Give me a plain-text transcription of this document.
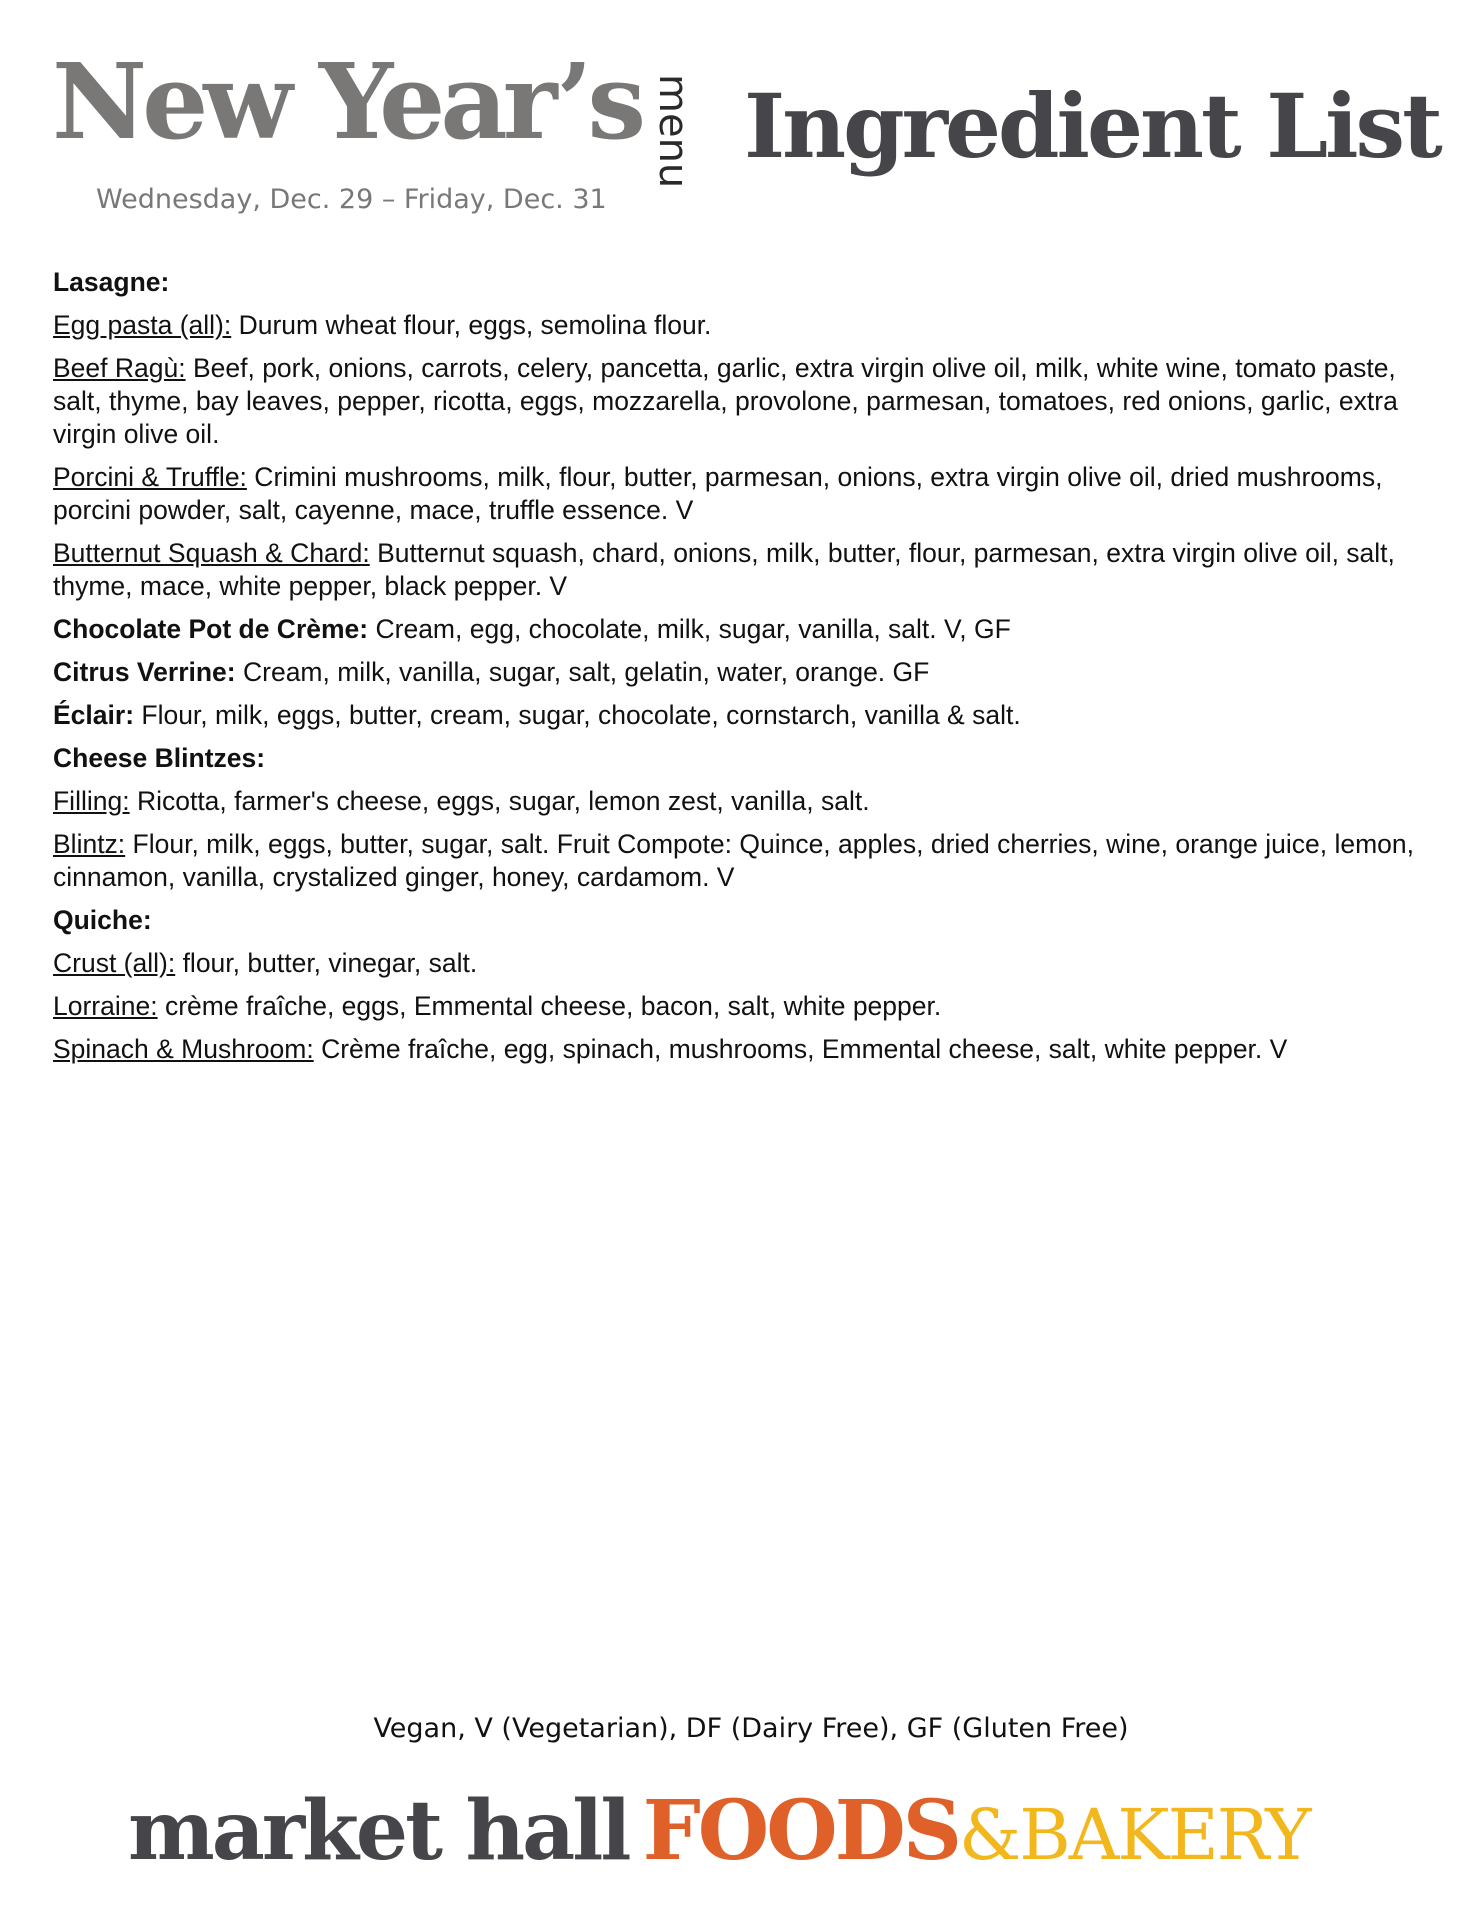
New Year’s
Wednesday, Dec. 29 – Friday, Dec. 31
menu Ingredient List

Lasagne:

Egg pasta (all): Durum wheat flour, eggs, semolina flour.

Beef Ragù: Beef, pork, onions, carrots, celery, pancetta, garlic, extra virgin olive oil, milk, white wine, tomato paste, salt, thyme, bay leaves, pepper, ricotta, eggs, mozzarella, provolone, parmesan, tomatoes, red onions, garlic, extra virgin olive oil.

Porcini & Truffle: Crimini mushrooms, milk, flour, butter, parmesan, onions, extra virgin olive oil, dried mushrooms, porcini powder, salt, cayenne, mace, truffle essence. V

Butternut Squash & Chard: Butternut squash, chard, onions, milk, butter, flour, parmesan, extra virgin olive oil, salt, thyme, mace, white pepper, black pepper. V

Chocolate Pot de Crème: Cream, egg, chocolate, milk, sugar, vanilla, salt. V, GF

Citrus Verrine: Cream, milk, vanilla, sugar, salt, gelatin, water, orange. GF

Éclair: Flour, milk, eggs, butter, cream, sugar, chocolate, cornstarch, vanilla & salt.

Cheese Blintzes:

Filling: Ricotta, farmer's cheese, eggs, sugar, lemon zest, vanilla, salt.

Blintz: Flour, milk, eggs, butter, sugar, salt. Fruit Compote: Quince, apples, dried cherries, wine, orange juice, lemon, cinnamon, vanilla, crystalized ginger, honey, cardamom. V

Quiche:

Crust (all): flour, butter, vinegar, salt.

Lorraine: crème fraîche, eggs, Emmental cheese, bacon, salt, white pepper.

Spinach & Mushroom: Crème fraîche, egg, spinach, mushrooms, Emmental cheese, salt, white pepper. V

Vegan, V (Vegetarian), DF (Dairy Free), GF (Gluten Free)
market hall FOODS&BAKERY
